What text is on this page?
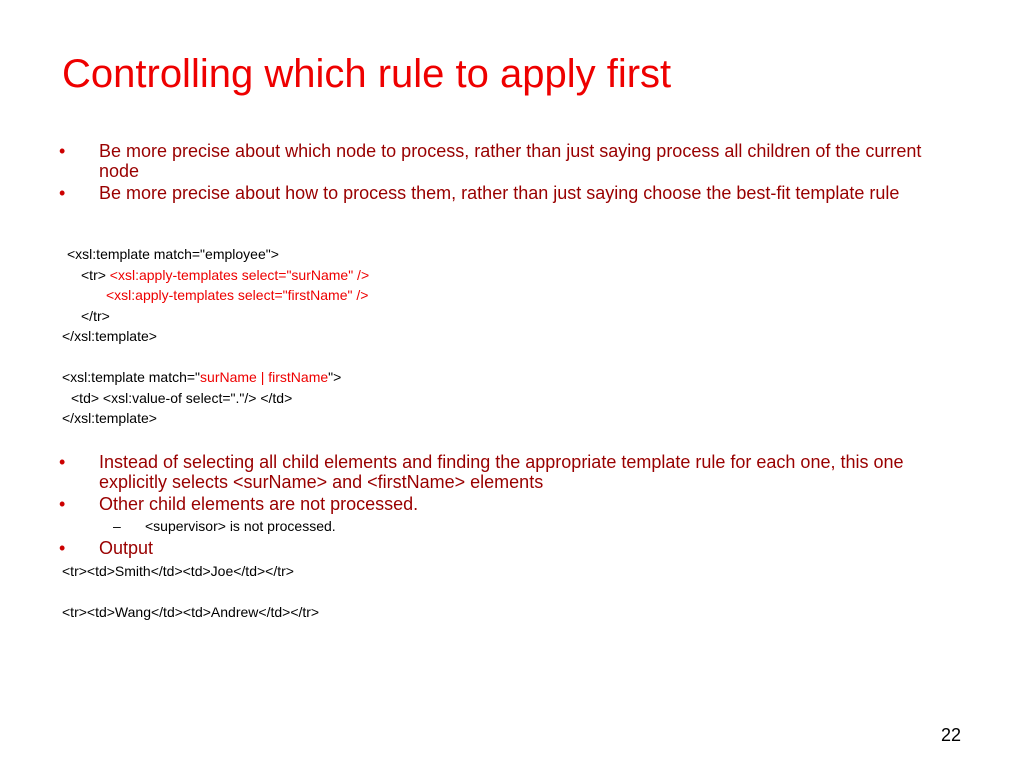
Controlling which rule to apply first
•	Be more precise about which node to process, rather than just saying process all children of the current node
•	Be more precise about how to process them, rather than just saying choose the best-fit template rule
<xsl:template match="employee">
<tr> <xsl:apply-templates select="surName" />
<xsl:apply-templates select="firstName" />
</tr>
</xsl:template>
<xsl:template match="surName | firstName">
<td> <xsl:value-of select="."/> </td>
</xsl:template>
•	Instead of selecting all child elements and finding the appropriate template rule for each one, this one explicitly selects <surName> and <firstName> elements
•	Other child elements are not processed.
– <supervisor> is not processed.
•	Output
<tr><td>Smith</td><td>Joe</td></tr>
<tr><td>Wang</td><td>Andrew</td></tr>
22
